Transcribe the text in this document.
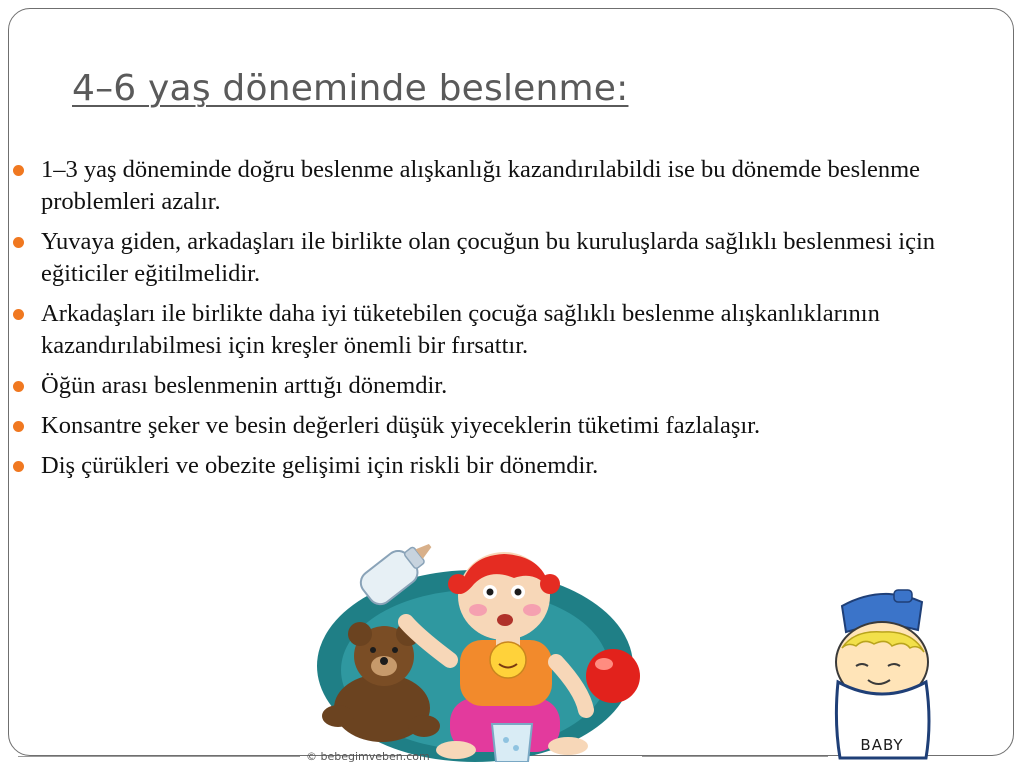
4–6 yaş döneminde beslenme:
1–3 yaş döneminde doğru beslenme alışkanlığı kazandırılabildi ise bu dönemde beslenme problemleri azalır.
Yuvaya giden, arkadaşları ile birlikte olan çocuğun bu kuruluşlarda sağlıklı beslenmesi için eğiticiler eğitilmelidir.
Arkadaşları ile birlikte daha iyi tüketebilen çocuğa sağlıklı beslenme alışkanlıklarının kazandırılabilmesi için kreşler önemli bir fırsattır.
Öğün arası beslenmenin arttığı dönemdir.
Konsantre şeker ve besin değerleri düşük yiyeceklerin tüketimi fazlalaşır.
Diş çürükleri ve obezite gelişimi için riskli bir dönemdir.
BABY
© bebegimveben.com
